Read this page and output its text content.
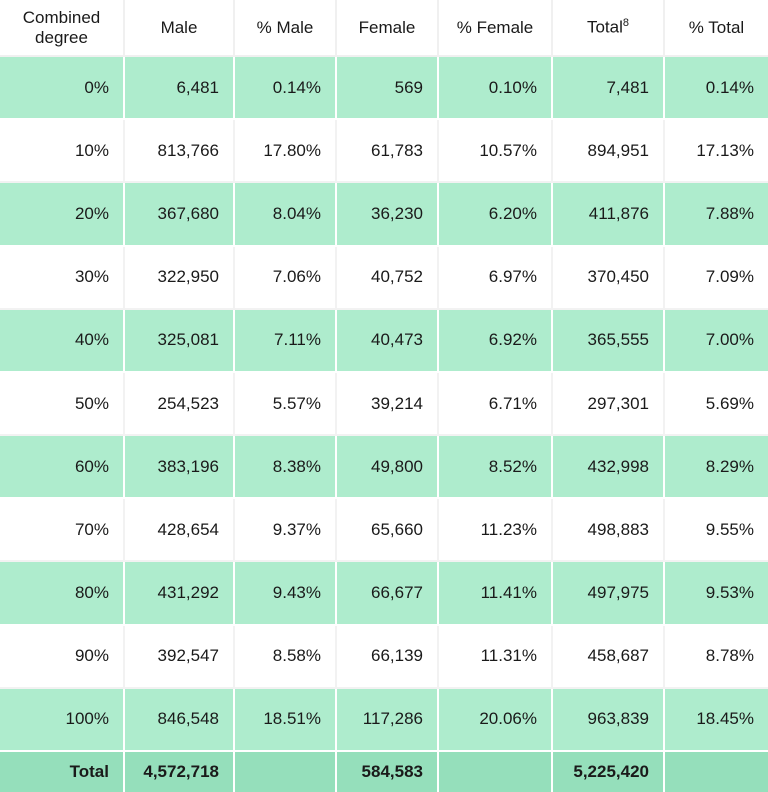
Combined degree	Male	% Male	Female	% Female	Total$^8$	% Total
0%	6,481	0.14%	569	0.10%	7,481	0.14%
10%	813,766	17.80%	61,783	10.57%	894,951	17.13%
20%	367,680	8.04%	36,230	6.20%	411,876	7.88%
30%	322,950	7.06%	40,752	6.97%	370,450	7.09%
40%	325,081	7.11%	40,473	6.92%	365,555	7.00%
50%	254,523	5.57%	39,214	6.71%	297,301	5.69%
60%	383,196	8.38%	49,800	8.52%	432,998	8.29%
70%	428,654	9.37%	65,660	11.23%	498,883	9.55%
80%	431,292	9.43%	66,677	11.41%	497,975	9.53%
90%	392,547	8.58%	66,139	11.31%	458,687	8.78%
100%	846,548	18.51%	117,286	20.06%	963,839	18.45%
Total	4,572,718		584,583		5,225,420	
